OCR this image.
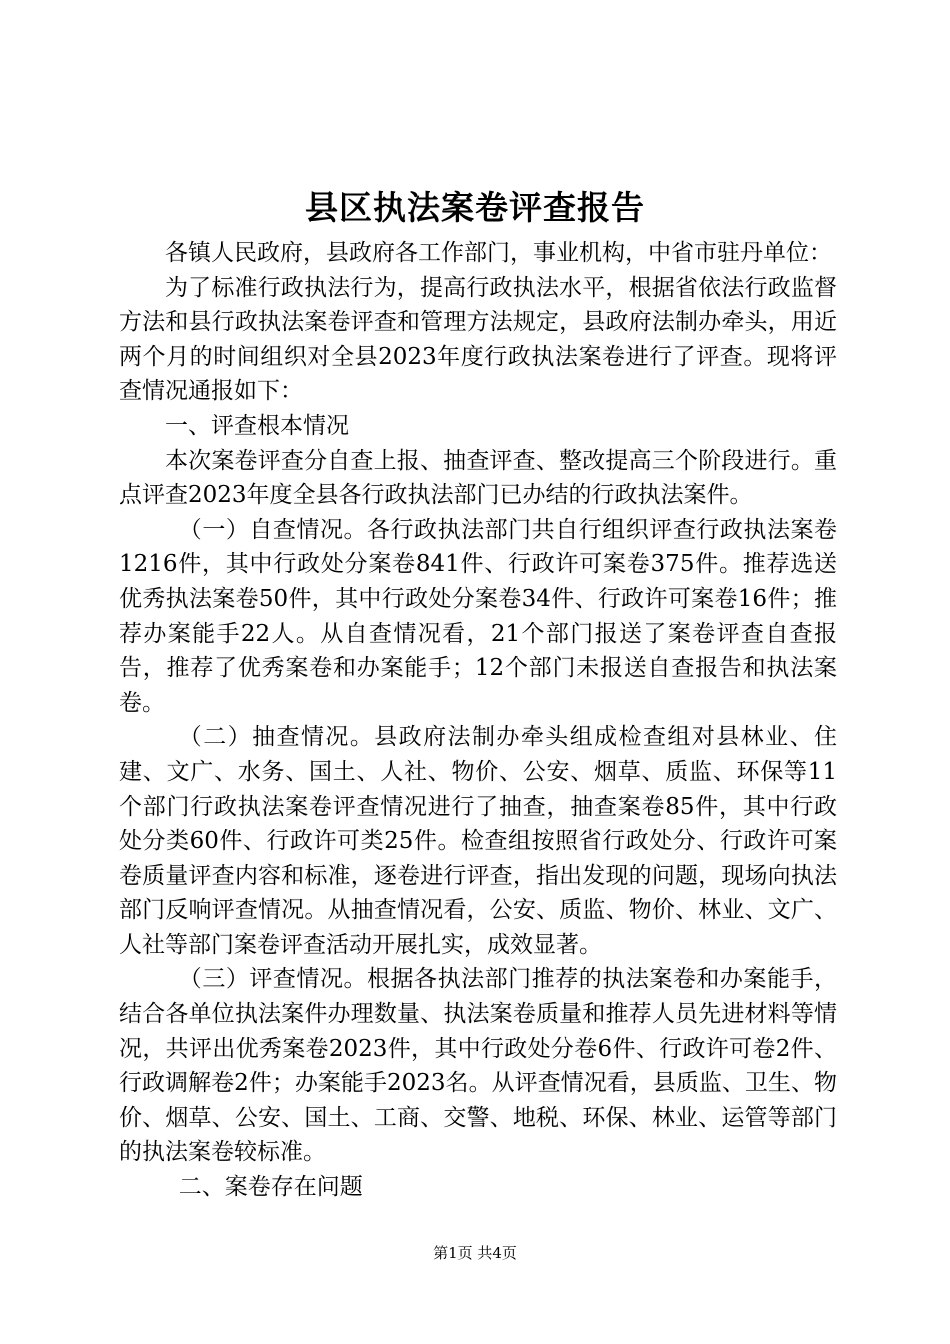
县区执法案卷评查报告

各镇人民政府，县政府各工作部门，事业机构，中省市驻丹单位：

为了标准行政执法行为，提高行政执法水平，根据省依法行政监督方法和县行政执法案卷评查和管理方法规定，县政府法制办牵头，用近两个月的时间组织对全县2023年度行政执法案卷进行了评查。现将评查情况通报如下：

一、评查根本情况

本次案卷评查分自查上报、抽查评查、整改提高三个阶段进行。重点评查2023年度全县各行政执法部门已办结的行政执法案件。

（一）自查情况。各行政执法部门共自行组织评查行政执法案卷1216件，其中行政处分案卷841件、行政许可案卷375件。推荐选送优秀执法案卷50件，其中行政处分案卷34件、行政许可案卷16件；推荐办案能手22人。从自查情况看，21个部门报送了案卷评查自查报告，推荐了优秀案卷和办案能手；12个部门未报送自查报告和执法案卷。

（二）抽查情况。县政府法制办牵头组成检查组对县林业、住建、文广、水务、国土、人社、物价、公安、烟草、质监、环保等11个部门行政执法案卷评查情况进行了抽查，抽查案卷85件，其中行政处分类60件、行政许可类25件。检查组按照省行政处分、行政许可案卷质量评查内容和标准，逐卷进行评查，指出发现的问题，现场向执法部门反响评查情况。从抽查情况看，公安、质监、物价、林业、文广、人社等部门案卷评查活动开展扎实，成效显著。

（三）评查情况。根据各执法部门推荐的执法案卷和办案能手，结合各单位执法案件办理数量、执法案卷质量和推荐人员先进材料等情况，共评出优秀案卷2023件，其中行政处分卷6件、行政许可卷2件、行政调解卷2件；办案能手2023名。从评查情况看，县质监、卫生、物价、烟草、公安、国土、工商、交警、地税、环保、林业、运管等部门的执法案卷较标准。

二、案卷存在问题

第1页 共4页
